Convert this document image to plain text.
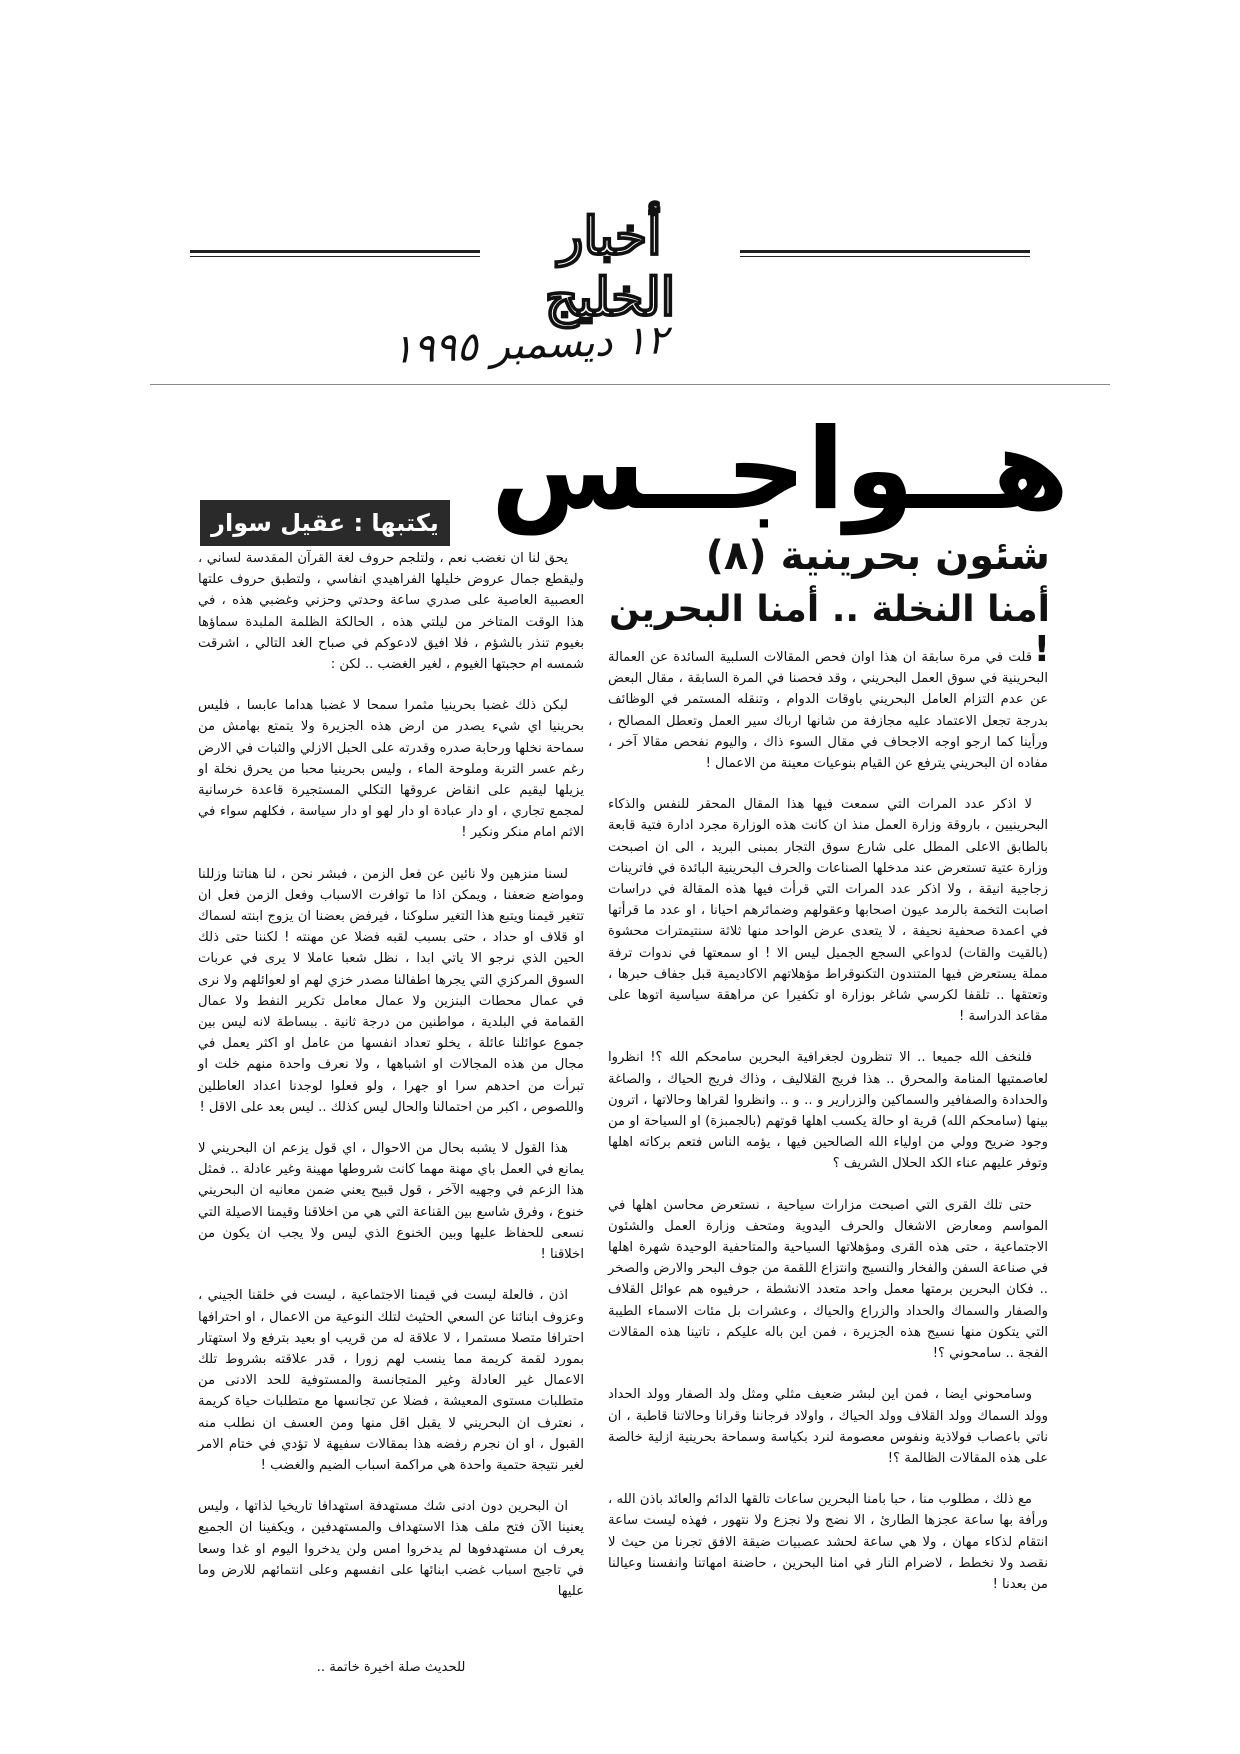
أخبار الخليج
١٢ ديسمبر ١٩٩٥
هــواجــس
يكتبها : عقيل سوار
شئون بحرينية (٨)
أمنا النخلة .. أمنا البحرين !

قلت في مرة سابقة ان هذا اوان فحص المقالات السلبية السائدة عن العمالة البحرينية في سوق العمل البحريني ، وقد فحصنا في المرة السابقة ، مقال البعض عن عدم التزام العامل البحريني باوقات الدوام ، وتنقله المستمر في الوظائف بدرجة تجعل الاعتماد عليه مجازفة من شانها ارباك سير العمل وتعطل المصالح ، ورأينا كما ارجو اوجه الاجحاف في مقال السوء ذاك ، واليوم نفحص مقالا آخر ، مفاده ان البحريني يترفع عن القيام بنوعيات معينة من الاعمال !

لا اذكر عدد المرات التي سمعت فيها هذا المقال المحقر للنفس والذكاء البحرينيين ، باروقة وزارة العمل منذ ان كانت هذه الوزارة مجرد ادارة فتية قابعة بالطابق الاعلى المطل على شارع سوق التجار بمبنى البريد ، الى ان اصبحت وزارة عتية تستعرض عند مدخلها الصناعات والحرف البحرينية البائدة في فاترينات زجاجية انيقة ، ولا اذكر عدد المرات التي قرأت فيها هذه المقالة في دراسات اصابت التخمة بالرمد عيون اصحابها وعقولهم وضمائرهم احيانا ، او عدد ما قرأتها في اعمدة صحفية نحيفة ، لا يتعدى عرض الواحد منها ثلاثة سنتيمترات محشوة (بالقيت والقات) لدواعي السجع الجميل ليس الا ! او سمعتها في ندوات ترفة مملة يستعرض فيها المتندون التكنوقراط مؤهلاتهم الاكاديمية قبل جفاف حبرها ، وتعتقها .. تلقفا لكرسي شاغر بوزارة او تكفيرا عن مراهقة سياسية اتوها على مقاعد الدراسة !

فلنخف الله جميعا .. الا تنظرون لجغرافية البحرين سامحكم الله ؟! انظروا لعاصمتيها المنامة والمحرق .. هذا فريج القلاليف ، وذاك فريج الحياك ، والصاغة والحدادة والصفافير والسماكين والزرارير و .. و .. وانظروا لقراها وحالاتها ، اترون بينها (سامحكم الله) قرية او حالة يكسب اهلها قوتهم (بالجمبزة) او السياحة او من وجود ضريح وولي من اولياء الله الصالحين فيها ، يؤمه الناس فتعم بركاته اهلها وتوفر عليهم عناء الكد الحلال الشريف ؟

حتى تلك القرى التي اصبحت مزارات سياحية ، نستعرض محاسن اهلها في المواسم ومعارض الاشغال والحرف اليدوية ومتحف وزارة العمل والشئون الاجتماعية ، حتى هذه القرى ومؤهلاتها السياحية والمتاحفية الوحيدة شهرة اهلها في صناعة السفن والفخار والنسيج وانتزاع اللقمة من جوف البحر والارض والصخر .. فكان البحرين برمتها معمل واحد متعدد الانشطة ، حرفيوه هم عوائل القلاف والصفار والسماك والحداد والزراع والحياك ، وعشرات بل مئات الاسماء الطيبة التي يتكون منها نسيج هذه الجزيرة ، فمن اين باله عليكم ، تاتينا هذه المقالات الفجة .. سامحوني ؟!

وسامحوني ايضا ، فمن اين لبشر ضعيف مثلي ومثل ولد الصفار وولد الحداد وولد السماك وولد القلاف وولد الحياك ، واولاد فرجاننا وقرانا وحالاتنا قاطبة ، ان ناتي باعصاب فولاذية ونفوس معصومة لنرد بكياسة وسماحة بحرينية ازلية خالصة على هذه المقالات الظالمة ؟!

مع ذلك ، مطلوب منا ، حبا بامنا البحرين ساعات تالقها الدائم والعائد باذن الله ، ورأفة بها ساعة عجزها الطارئ ، الا نضج ولا نجزع ولا نتهور ، فهذه ليست ساعة انتقام لذكاء مهان ، ولا هي ساعة لحشد عصبيات ضيقة الافق تجرنا من حيث لا نقصد ولا نخطط ، لاضرام النار في امنا البحرين ، حاضنة امهاتنا وانفسنا وعيالنا من بعدنا !

يحق لنا ان نغضب نعم ، ولتلجم حروف لغة القرآن المقدسة لساني ، وليقطع جمال عروض خليلها الفراهيدي انفاسي ، ولتطبق حروف علتها العصبية العاصية على صدري ساعة وحدتي وحزني وغضبي هذه ، في هذا الوقت المتاخر من ليلتي هذه ، الحالكة الظلمة الملبدة سماؤها بغيوم تنذر بالشؤم ، فلا افيق لادعوكم في صباح الغد التالي ، اشرقت شمسه ام حجبتها الغيوم ، لغير الغضب .. لكن :

لبكن ذلك غضبا بحرينيا مثمرا سمحا لا غضبا هداما عابسا ، فليس بحرينيا اي شيء يصدر من ارض هذه الجزيرة ولا يتمتع بهامش من سماحة نخلها ورحابة صدره وقدرته على الحبل الازلي والثبات في الارض رغم عسر التربة وملوحة الماء ، وليس بحرينيا محبا من يحرق نخلة او يزيلها ليقيم على انقاض عروقها التكلي المستجيرة قاعدة خرسانية لمجمع تجاري ، او دار عبادة او دار لهو او دار سياسة ، فكلهم سواء في الاثم امام منكر ونكير !

لسنا منزهين ولا نائين عن فعل الزمن ، فبشر نحن ، لنا هناتنا وزللنا ومواضع ضعفنا ، ويمكن اذا ما توافرت الاسباب وفعل الزمن فعل ان تتغير قيمنا ويتبع هذا التغير سلوكنا ، فيرفض بعضنا ان يزوج ابنته لسماك او قلاف او حداد ، حتى بسبب لقبه فضلا عن مهنته ! لكننا حتى ذلك الحين الذي نرجو الا ياتي ابدا ، نظل شعبا عاملا لا يرى في عربات السوق المركزي التي يجرها اطفالنا مصدر خزي لهم او لعوائلهم ولا نرى في عمال محطات البنزين ولا عمال معامل تكرير النفط ولا عمال القمامة في البلدية ، مواطنين من درجة ثانية . ببساطة لانه ليس بين جموع عوائلنا عائلة ، يخلو تعداد انفسها من عامل او اكثر يعمل في مجال من هذه المجالات او اشباهها ، ولا نعرف واحدة منهم خلت او تبرأت من احدهم سرا او جهرا ، ولو فعلوا لوجدنا اعداد العاطلين واللصوص ، اكبر من احتمالنا والحال ليس كذلك .. ليس بعد على الاقل !

هذا القول لا يشبه بحال من الاحوال ، اي قول يزعم ان البحريني لا يمانع في العمل باي مهنة مهما كانت شروطها مهينة وغير عادلة .. فمثل هذا الزعم في وجهيه الآخر ، قول قبيح يعني ضمن معانيه ان البحريني خنوع ، وفرق شاسع بين القناعة التي هي من اخلاقنا وقيمنا الاصيلة التي نسعى للحفاظ عليها وبين الخنوع الذي ليس ولا يجب ان يكون من اخلاقنا !

اذن ، فالعلة ليست في قيمنا الاجتماعية ، ليست في خلقنا الجيني ، وعزوف ابنائنا عن السعي الحثيث لتلك النوعية من الاعمال ، او احترافها احترافا متصلا مستمرا ، لا علاقة له من قريب او بعيد بترفع ولا استهتار بمورد لقمة كريمة مما ينسب لهم زورا ، قدر علاقته بشروط تلك الاعمال غير العادلة وغير المتجانسة والمستوفية للحد الادنى من متطلبات مستوى المعيشة ، فضلا عن تجانسها مع متطلبات حياة كريمة ، نعترف ان البحريني لا يقبل اقل منها ومن العسف ان نطلب منه القبول ، او ان نجرم رفضه هذا بمقالات سفيهة لا تؤدي في ختام الامر لغير نتيجة حتمية واحدة هي مراكمة اسباب الضيم والغضب !

ان البحرين دون ادنى شك مستهدفة استهدافا تاريخيا لذاتها ، وليس يعنينا الآن فتح ملف هذا الاستهداف والمستهدفين ، ويكفينا ان الجميع يعرف ان مستهدفوها لم يدخروا امس ولن يدخروا اليوم او غدا وسعا في تاجيج اسباب غضب ابنائها على انفسهم وعلى انتمائهم للارض وما عليها

للحديث صلة اخيرة خاتمة ..
